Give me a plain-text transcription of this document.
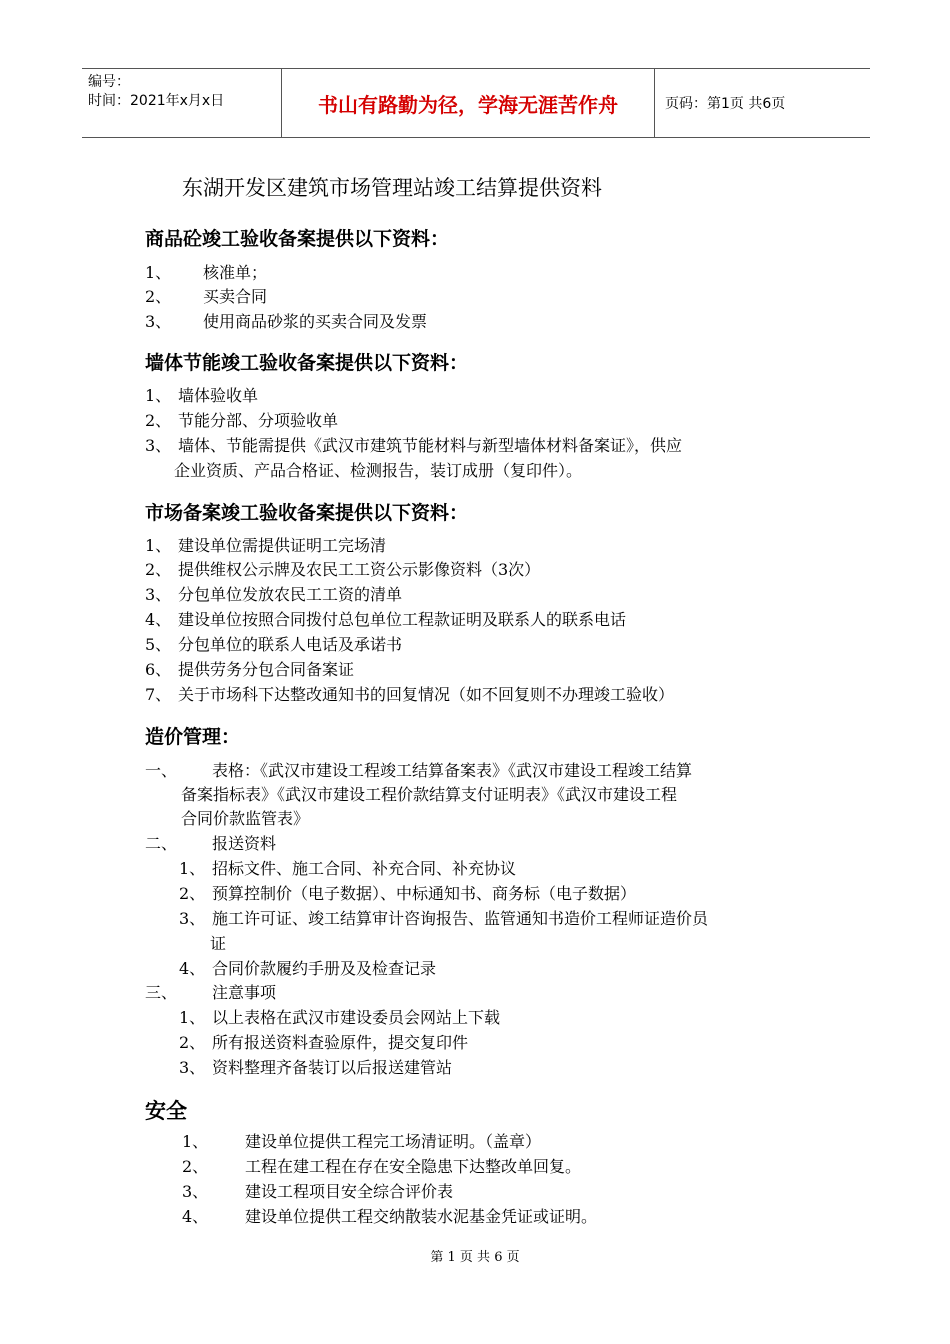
编号：
时间：2021年x月x日	书山有路勤为径，学海无涯苦作舟	页码：第1页 共6页
东湖开发区建筑市场管理站竣工结算提供资料
商品砼竣工验收备案提供以下资料：
1、 核准单；
2、 买卖合同
3、 使用商品砂浆的买卖合同及发票
墙体节能竣工验收备案提供以下资料：
1、 墙体验收单
2、 节能分部、分项验收单
3、 墙体、节能需提供《武汉市建筑节能材料与新型墙体材料备案证》，供应
企业资质、产品合格证、检测报告，装订成册（复印件）。
市场备案竣工验收备案提供以下资料：
1、 建设单位需提供证明工完场清
2、 提供维权公示牌及农民工工资公示影像资料（3次）
3、 分包单位发放农民工工资的清单
4、 建设单位按照合同拨付总包单位工程款证明及联系人的联系电话
5、 分包单位的联系人电话及承诺书
6、 提供劳务分包合同备案证
7、 关于市场科下达整改通知书的回复情况（如不回复则不办理竣工验收）
造价管理：
一、 表格：《武汉市建设工程竣工结算备案表》《武汉市建设工程竣工结算
备案指标表》《武汉市建设工程价款结算支付证明表》《武汉市建设工程
合同价款监管表》
二、 报送资料
1、 招标文件、施工合同、补充合同、补充协议
2、 预算控制价（电子数据）、中标通知书、商务标（电子数据）
3、 施工许可证、竣工结算审计咨询报告、监管通知书造价工程师证造价员
证
4、 合同价款履约手册及及检查记录
三、 注意事项
1、 以上表格在武汉市建设委员会网站上下载
2、 所有报送资料查验原件，提交复印件
3、 资料整理齐备装订以后报送建管站
安全
1、 建设单位提供工程完工场清证明。（盖章）
2、 工程在建工程在存在安全隐患下达整改单回复。
3、 建设工程项目安全综合评价表
4、 建设单位提供工程交纳散装水泥基金凭证或证明。
第 1 页 共 6 页
